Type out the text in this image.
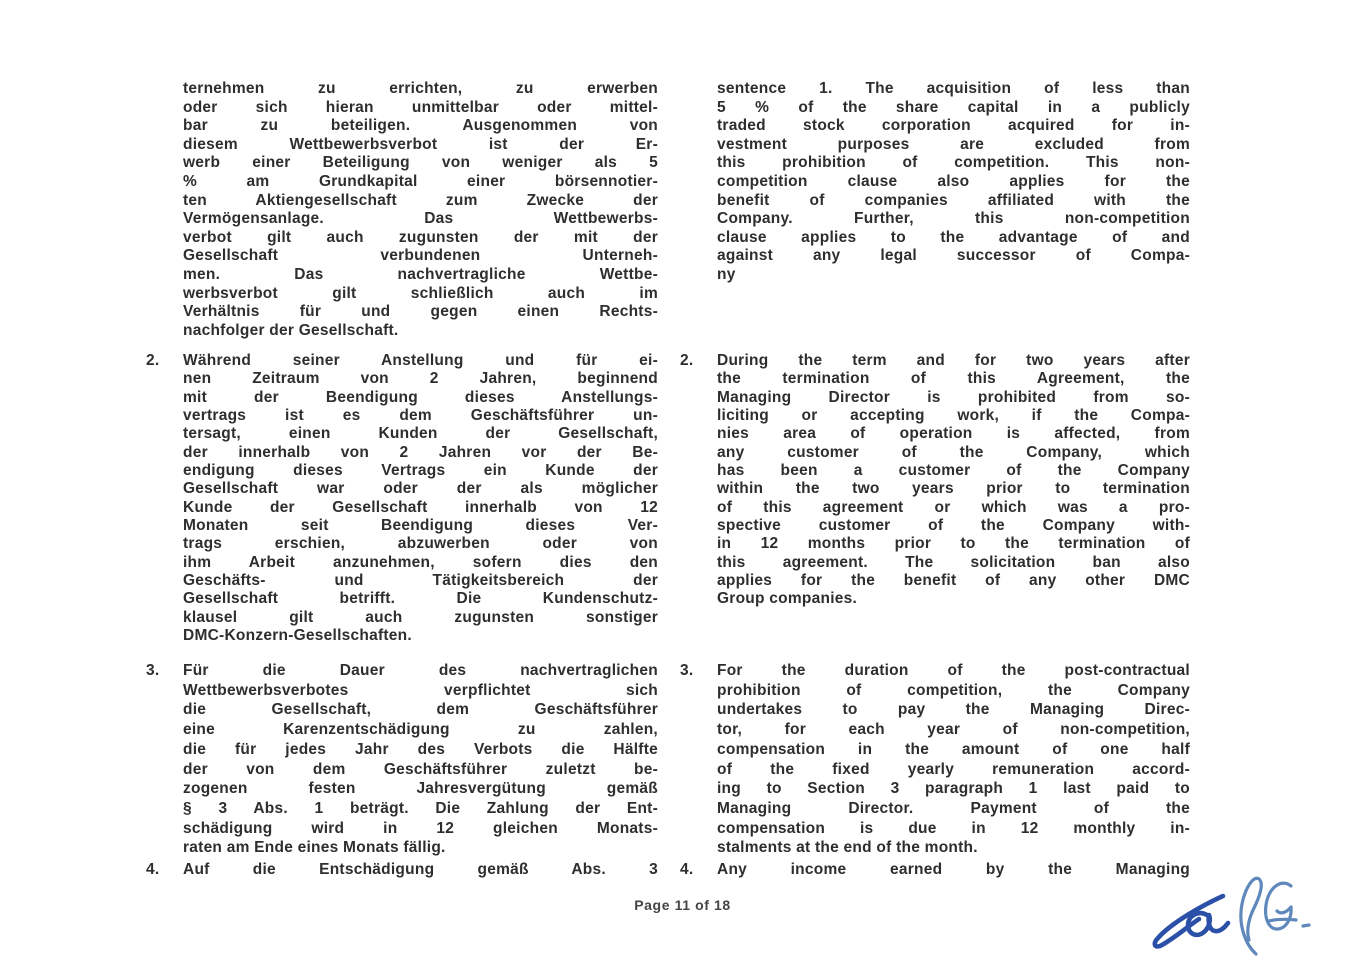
ternehmen zu errichten, zu erwerben
oder sich hieran unmittelbar oder mittel-
bar zu beteiligen. Ausgenommen von
diesem Wettbewerbsverbot ist der Er-
werb einer Beteiligung von weniger als 5
% am Grundkapital einer börsennotier-
ten Aktiengesellschaft zum Zwecke der
Vermögensanlage. Das Wettbewerbs-
verbot gilt auch zugunsten der mit der
Gesellschaft verbundenen Unterneh-
men. Das nachvertragliche Wettbe-
werbsverbot gilt schließlich auch im
Verhältnis für und gegen einen Rechts-
nachfolger der Gesellschaft.
sentence 1. The acquisition of less than
5 % of the share capital in a publicly
traded stock corporation acquired for in-
vestment purposes are excluded from
this prohibition of competition. This non-
competition clause also applies for the
benefit of companies affiliated with the
Company. Further, this non-competition
clause applies to the advantage of and
against any legal successor of Compa-
ny
2.	Während seiner Anstellung und für ei-
nen Zeitraum von 2 Jahren, beginnend
mit der Beendigung dieses Anstellungs-
vertrags ist es dem Geschäftsführer un-
tersagt, einen Kunden der Gesellschaft,
der innerhalb von 2 Jahren vor der Be-
endigung dieses Vertrags ein Kunde der
Gesellschaft war oder der als möglicher
Kunde der Gesellschaft innerhalb von 12
Monaten seit Beendigung dieses Ver-
trags erschien, abzuwerben oder von
ihm Arbeit anzunehmen, sofern dies den
Geschäfts- und Tätigkeitsbereich der
Gesellschaft betrifft. Die Kundenschutz-
klausel gilt auch zugunsten sonstiger
DMC-Konzern-Gesellschaften.
2.	During the term and for two years after
the termination of this Agreement, the
Managing Director is prohibited from so-
liciting or accepting work, if the Compa-
nies area of operation is affected, from
any customer of the Company, which
has been a customer of the Company
within the two years prior to termination
of this agreement or which was a pro-
spective customer of the Company with-
in 12 months prior to the termination of
this agreement. The solicitation ban also
applies for the benefit of any other DMC
Group companies.
3.	Für die Dauer des nachvertraglichen
Wettbewerbsverbotes verpflichtet sich
die Gesellschaft, dem Geschäftsführer
eine Karenzentschädigung zu zahlen,
die für jedes Jahr des Verbots die Hälfte
der von dem Geschäftsführer zuletzt be-
zogenen festen Jahresvergütung gemäß
§ 3 Abs. 1 beträgt. Die Zahlung der Ent-
schädigung wird in 12 gleichen Monats-
raten am Ende eines Monats fällig.
3.	For the duration of the post-contractual
prohibition of competition, the Company
undertakes to pay the Managing Direc-
tor, for each year of non-competition,
compensation in the amount of one half
of the fixed yearly remuneration accord-
ing to Section 3 paragraph 1 last paid to
Managing Director. Payment of the
compensation is due in 12 monthly in-
stalments at the end of the month.
4.	Auf die Entschädigung gemäß Abs. 3 4.	Any income earned by the Managing
Page 11 of 18
